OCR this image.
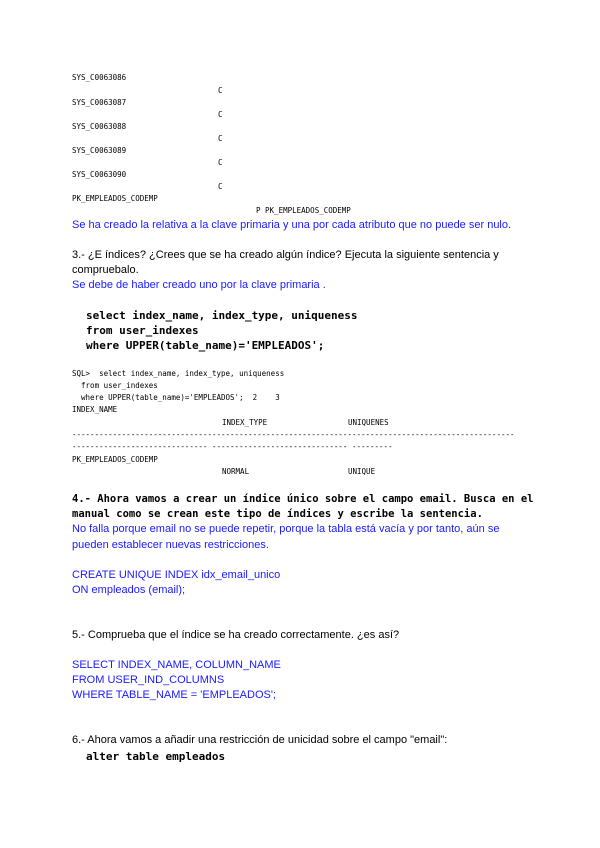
SYS_C0063086
C
SYS_C0063087
C
SYS_C0063088
C
SYS_C0063089
C
SYS_C0063090
C
PK_EMPLEADOS_CODEMP
P PK_EMPLEADOS_CODEMP
Se ha creado la relativa a la clave primaria y una por cada atributo que no puede ser nulo.
3.- ¿E índices? ¿Crees que se ha creado algún índice? Ejecuta la siguiente sentencia y
compruebalo.
Se debe de haber creado uno por la clave primaria .
select index_name, index_type, uniqueness
from user_indexes
where UPPER(table_name)='EMPLEADOS';
SQL>  select index_name, index_type, uniqueness
from user_indexes
where UPPER(table_name)='EMPLEADOS';  2    3
INDEX_NAME
INDEX_TYPE	UNIQUENES
--------------------------------------------------------------------------------------------------
------------------------------ ------------------------------ ---------
PK_EMPLEADOS_CODEMP
NORMAL	UNIQUE
4.- Ahora vamos a crear un índice único sobre el campo email. Busca en el
manual como se crean este tipo de índices y escribe la sentencia.
No falla porque email no se puede repetir, porque la tabla está vacía y por tanto, aún se
pueden establecer nuevas restricciones.
CREATE UNIQUE INDEX idx_email_unico
ON empleados (email);
5.- Comprueba que el índice se ha creado correctamente. ¿es así?
SELECT INDEX_NAME, COLUMN_NAME
FROM USER_IND_COLUMNS
WHERE TABLE_NAME = 'EMPLEADOS';
6.- Ahora vamos a añadir una restricción de unicidad sobre el campo "email":
alter table empleados
